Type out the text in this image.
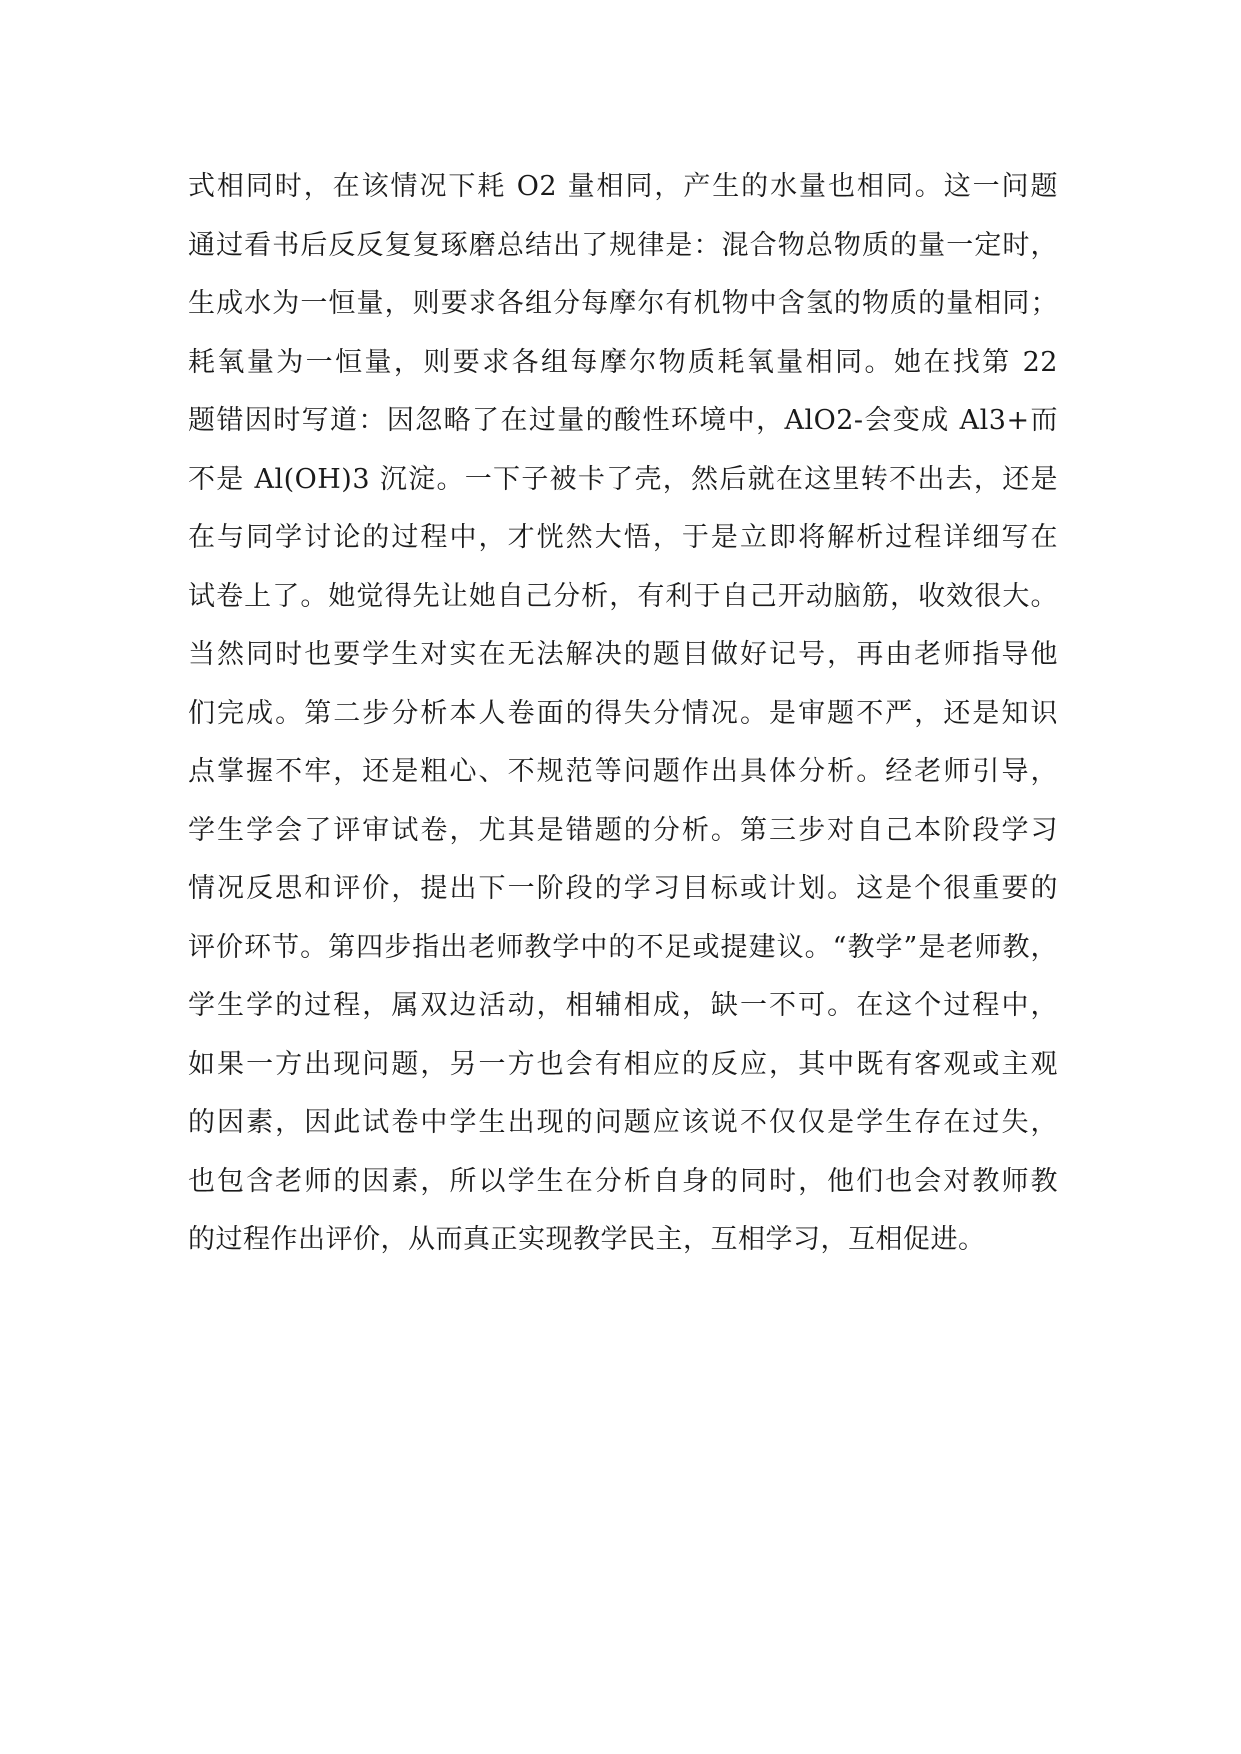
式相同时，在该情况下耗 O2 量相同，产生的水量也相同。这一问题
通过看书后反反复复琢磨总结出了规律是：混合物总物质的量一定时，
生成水为一恒量，则要求各组分每摩尔有机物中含氢的物质的量相同；
耗氧量为一恒量，则要求各组每摩尔物质耗氧量相同。她在找第 22
题错因时写道：因忽略了在过量的酸性环境中，AlO2-会变成 Al3+而
不是 Al(OH)3 沉淀。一下子被卡了壳，然后就在这里转不出去，还是
在与同学讨论的过程中，才恍然大悟，于是立即将解析过程详细写在
试卷上了。她觉得先让她自己分析，有利于自己开动脑筋，收效很大。
当然同时也要学生对实在无法解决的题目做好记号，再由老师指导他
们完成。第二步分析本人卷面的得失分情况。是审题不严，还是知识
点掌握不牢，还是粗心、不规范等问题作出具体分析。经老师引导，
学生学会了评审试卷，尤其是错题的分析。第三步对自己本阶段学习
情况反思和评价，提出下一阶段的学习目标或计划。这是个很重要的
评价环节。第四步指出老师教学中的不足或提建议。“教学”是老师教，
学生学的过程，属双边活动，相辅相成，缺一不可。在这个过程中，
如果一方出现问题，另一方也会有相应的反应，其中既有客观或主观
的因素，因此试卷中学生出现的问题应该说不仅仅是学生存在过失，
也包含老师的因素，所以学生在分析自身的同时，他们也会对教师教
的过程作出评价，从而真正实现教学民主，互相学习，互相促进。
